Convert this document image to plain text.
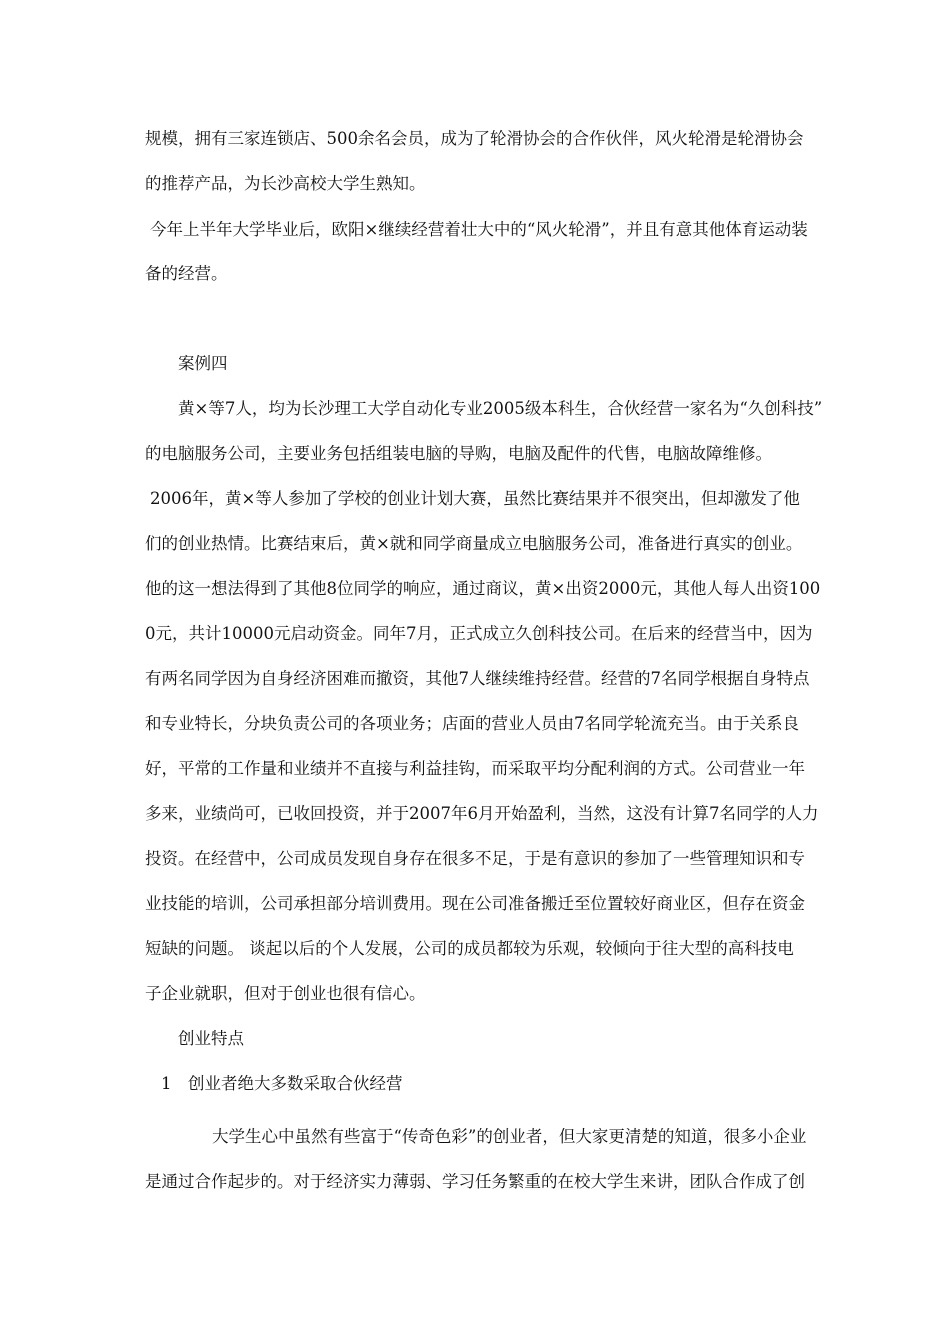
规模，拥有三家连锁店、500余名会员，成为了轮滑协会的合作伙伴，风火轮滑是轮滑协会

的推荐产品，为长沙高校大学生熟知。

今年上半年大学毕业后，欧阳×继续经营着壮大中的“风火轮滑”，并且有意其他体育运动装

备的经营。

案例四

黄×等7人，均为长沙理工大学自动化专业2005级本科生，合伙经营一家名为“久创科技”

的电脑服务公司，主要业务包括组装电脑的导购，电脑及配件的代售，电脑故障维修。

2006年，黄×等人参加了学校的创业计划大赛，虽然比赛结果并不很突出，但却激发了他

们的创业热情。比赛结束后，黄×就和同学商量成立电脑服务公司，准备进行真实的创业。

他的这一想法得到了其他8位同学的响应，通过商议，黄×出资2000元，其他人每人出资100

0元，共计10000元启动资金。同年7月，正式成立久创科技公司。在后来的经营当中，因为

有两名同学因为自身经济困难而撤资，其他7人继续维持经营。经营的7名同学根据自身特点

和专业特长，分块负责公司的各项业务；店面的营业人员由7名同学轮流充当。由于关系良

好，平常的工作量和业绩并不直接与利益挂钩，而采取平均分配利润的方式。公司营业一年

多来，业绩尚可，已收回投资，并于2007年6月开始盈利，当然，这没有计算7名同学的人力

投资。在经营中，公司成员发现自身存在很多不足，于是有意识的参加了一些管理知识和专

业技能的培训，公司承担部分培训费用。现在公司准备搬迁至位置较好商业区，但存在资金

短缺的问题。 谈起以后的个人发展，公司的成员都较为乐观，较倾向于往大型的高科技电

子企业就职，但对于创业也很有信心。

创业特点

1　创业者绝大多数采取合伙经营

大学生心中虽然有些富于“传奇色彩”的创业者，但大家更清楚的知道，很多小企业

是通过合作起步的。对于经济实力薄弱、学习任务繁重的在校大学生来讲，团队合作成了创
